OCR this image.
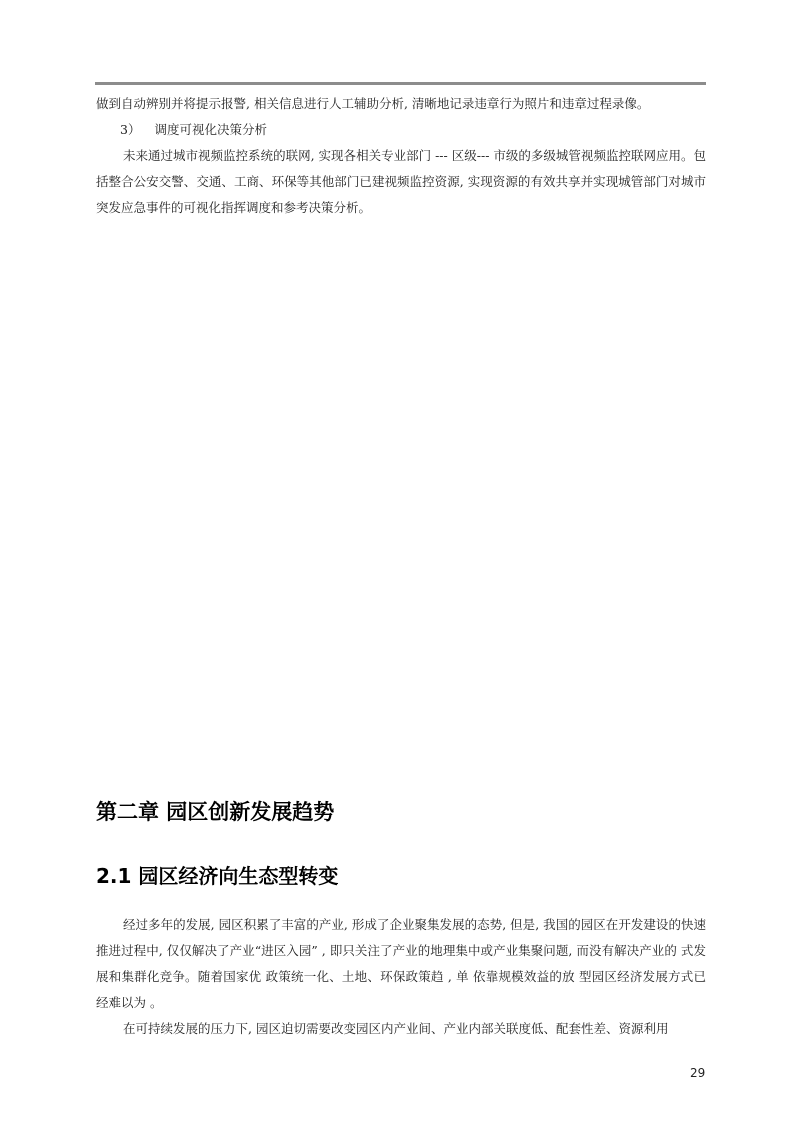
做到自动辨别并将提示报警, 相关信息进行人工辅助分析, 清晰地记录违章行为照片和违章过程录像。

3） 调度可视化决策分析

未来通过城市视频监控系统的联网, 实现各相关专业部门 --- 区级--- 市级的多级城管视频监控联网应用。包括整合公安交警、交通、工商、环保等其他部门已建视频监控资源, 实现资源的有效共享并实现城管部门对城市突发应急事件的可视化指挥调度和参考决策分析。

第二章 园区创新发展趋势
2.1 园区经济向生态型转变

经过多年的发展, 园区积累了丰富的产业, 形成了企业聚集发展的态势, 但是, 我国的园区在开发建设的快速推进过程中, 仅仅解决了产业“进区入园” , 即只关注了产业的地理集中或产业集聚问题, 而没有解决产业的 式发展和集群化竞争。随着国家优 政策统一化、土地、环保政策趋 , 单 依靠规模效益的放 型园区经济发展方式已经难以为 。

在可持续发展的压力下, 园区迫切需要改变园区内产业间、产业内部关联度低、配套性差、资源利用

29
